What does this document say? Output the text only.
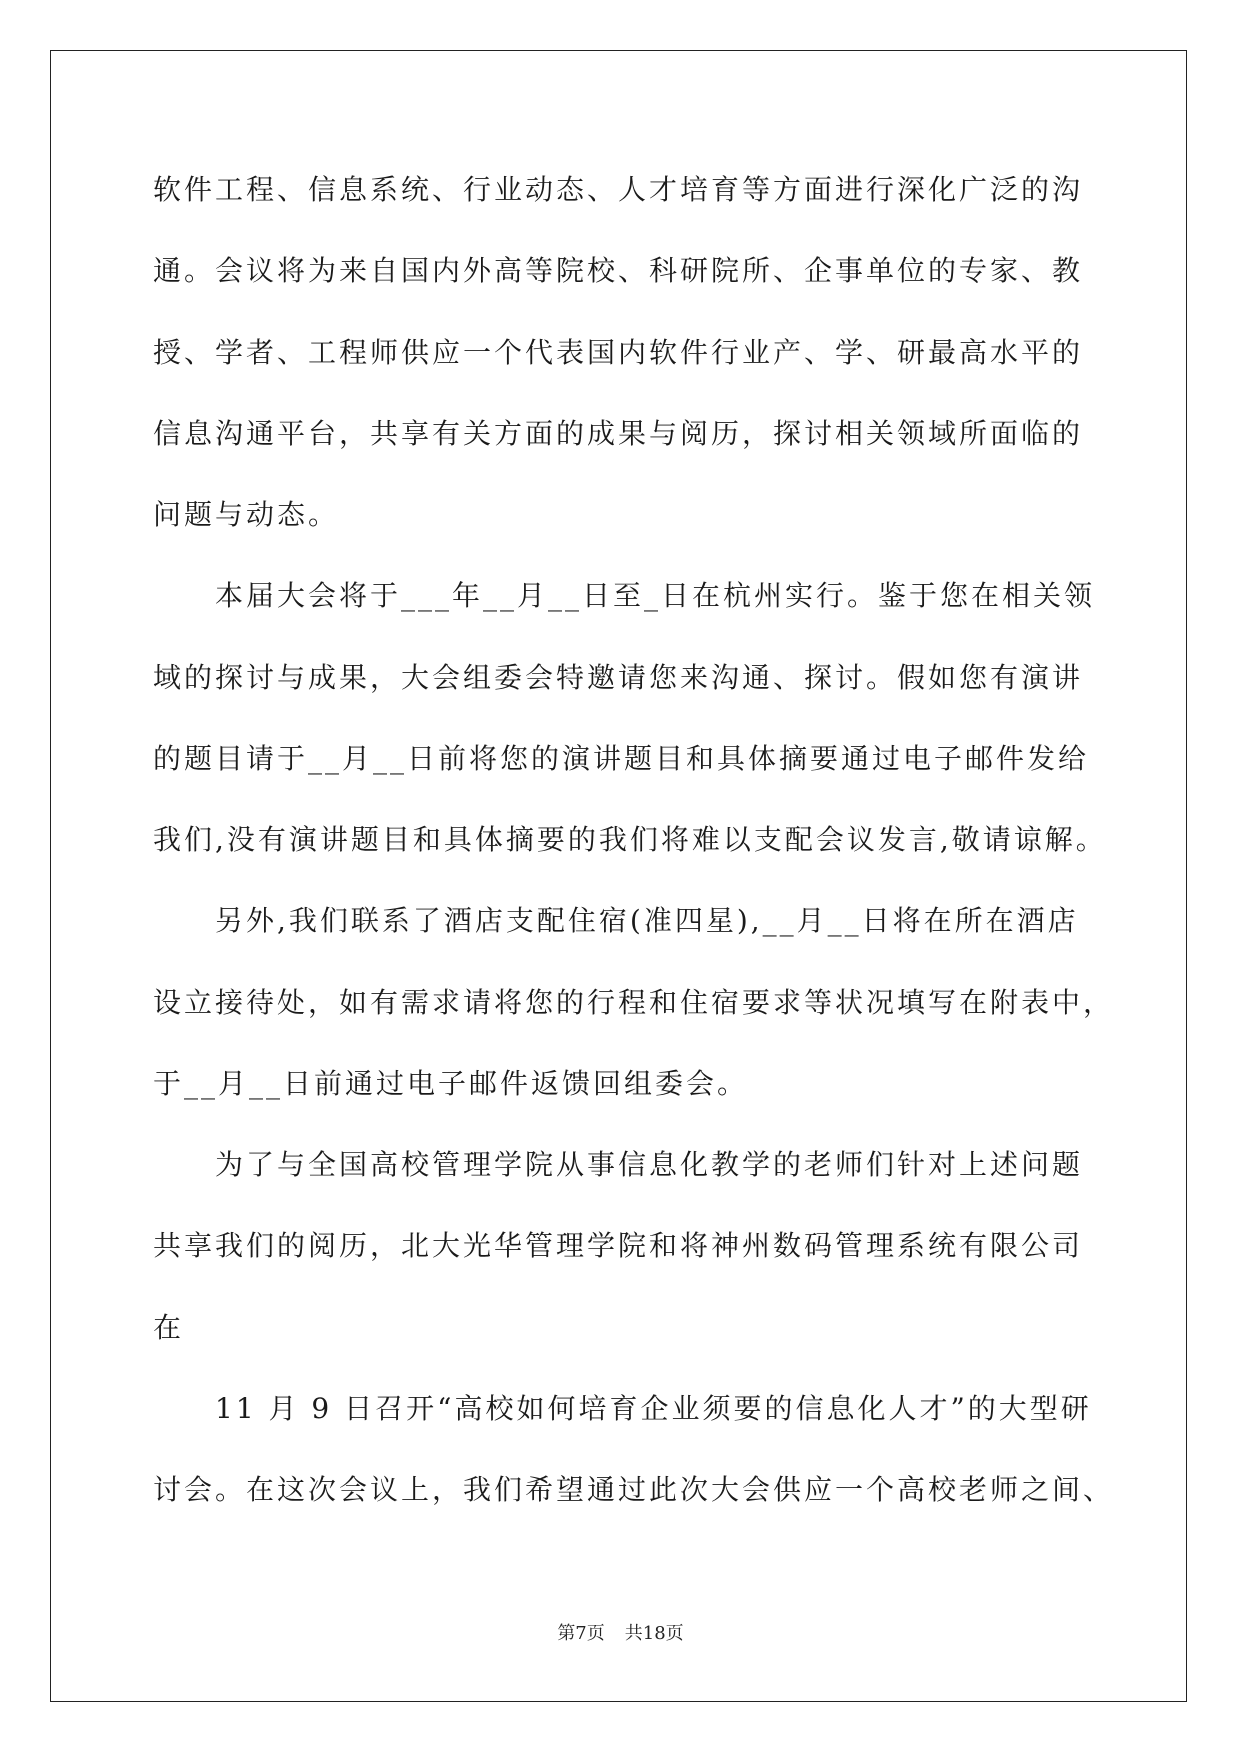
软件工程、信息系统、行业动态、人才培育等方面进行深化广泛的沟
通。会议将为来自国内外高等院校、科研院所、企事单位的专家、教
授、学者、工程师供应一个代表国内软件行业产、学、研最高水平的
信息沟通平台，共享有关方面的成果与阅历，探讨相关领域所面临的
问题与动态。
本届大会将于___年__月__日至_日在杭州实行。鉴于您在相关领
域的探讨与成果，大会组委会特邀请您来沟通、探讨。假如您有演讲
的题目请于__月__日前将您的演讲题目和具体摘要通过电子邮件发给
我们,没有演讲题目和具体摘要的我们将难以支配会议发言,敬请谅解。
另外,我们联系了酒店支配住宿(准四星),__月__日将在所在酒店
设立接待处，如有需求请将您的行程和住宿要求等状况填写在附表中，
于__月__日前通过电子邮件返馈回组委会。
为了与全国高校管理学院从事信息化教学的老师们针对上述问题
共享我们的阅历，北大光华管理学院和将神州数码管理系统有限公司
在
11 月 9 日召开“高校如何培育企业须要的信息化人才”的大型研
讨会。在这次会议上，我们希望通过此次大会供应一个高校老师之间、
第7页 共18页
